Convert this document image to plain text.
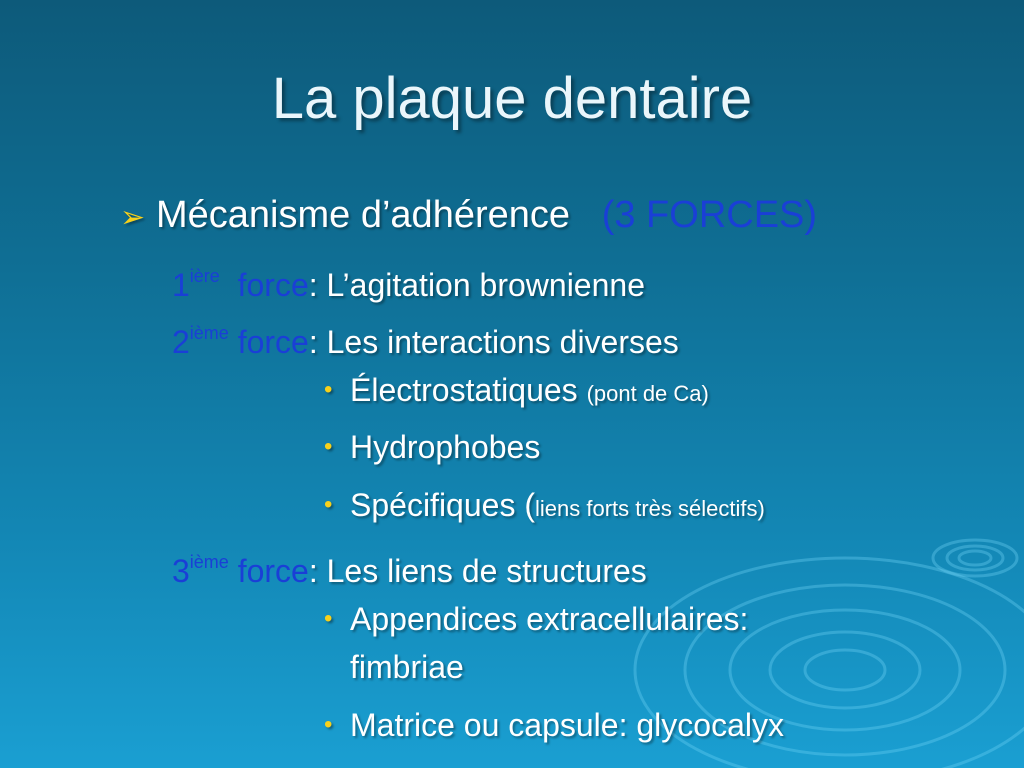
La plaque dentaire
➢ Mécanisme d’adhérence (3 FORCES)
$1^{ière}$ force: L’agitation brownienne
2ième force: Les interactions diverses
• Électrostatiques (pont de Ca)
• Hydrophobes
• Spécifiques (liens forts très sélectifs)
3ième force: Les liens de structures
• Appendices extracellulaires:
fimbriae
• Matrice ou capsule: glycocalyx
